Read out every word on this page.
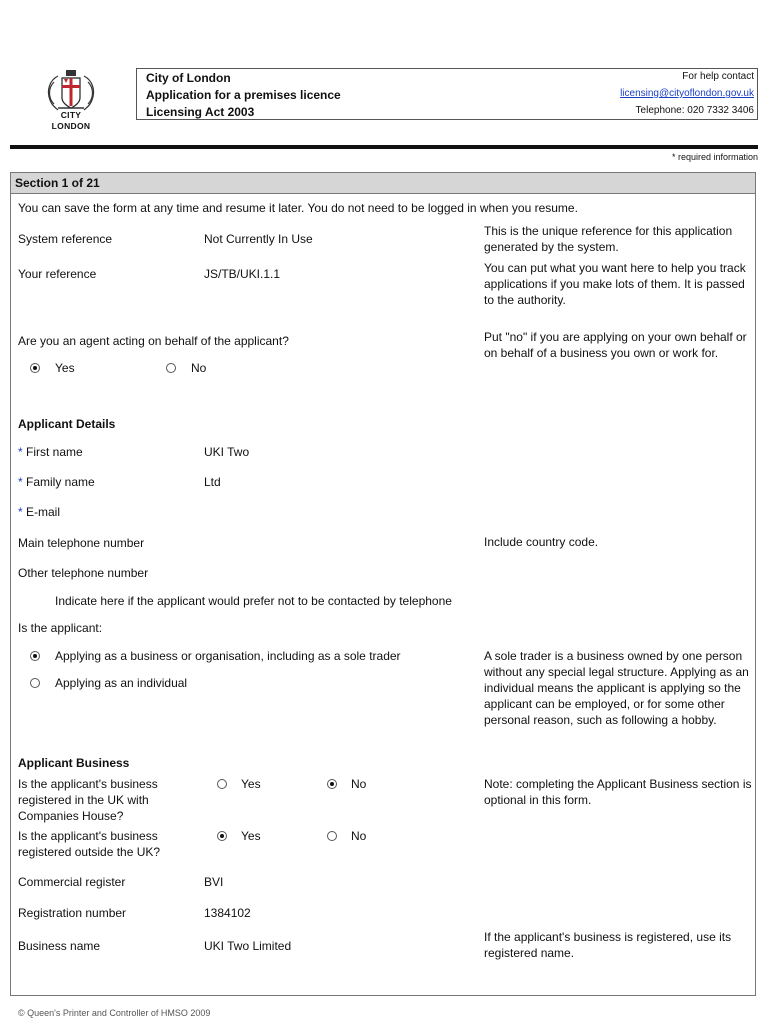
CITY
LONDON
City of London
Application for a premises licence
Licensing Act 2003
For help contact
licensing@cityoflondon.gov.uk
Telephone: 020 7332 3406
* required information
Section 1 of 21
You can save the form at any time and resume it later. You do not need to be logged in when you resume.
System reference	Not Currently In Use
This is the unique reference for this application generated by the system.
Your reference	JS/TB/UKI.1.1	You can put what you want here to help you track applications if you make lots of them. It is passed to the authority.
Are you an agent acting on behalf of the applicant?	Put "no" if you are applying on your own behalf or on behalf of a business you own or work for.
Yes	No
Applicant Details
* First name	UKI Two
* Family name	Ltd
* E-mail
Main telephone number	Include country code.
Other telephone number
Indicate here if the applicant would prefer not to be contacted by telephone
Is the applicant:
Applying as a business or organisation, including as a sole trader
Applying as an individual
A sole trader is a business owned by one person without any special legal structure. Applying as an individual means the applicant is applying so the applicant can be employed, or for some other personal reason, such as following a hobby.
Applicant Business
Is the applicant's business registered in the UK with Companies House?
Yes	No	Note: completing the Applicant Business section is optional in this form.
Is the applicant's business registered outside the UK?
Yes	No
Commercial register	BVI
Registration number	1384102
Business name	UKI Two Limited
If the applicant's business is registered, use its registered name.
© Queen's Printer and Controller of HMSO 2009
